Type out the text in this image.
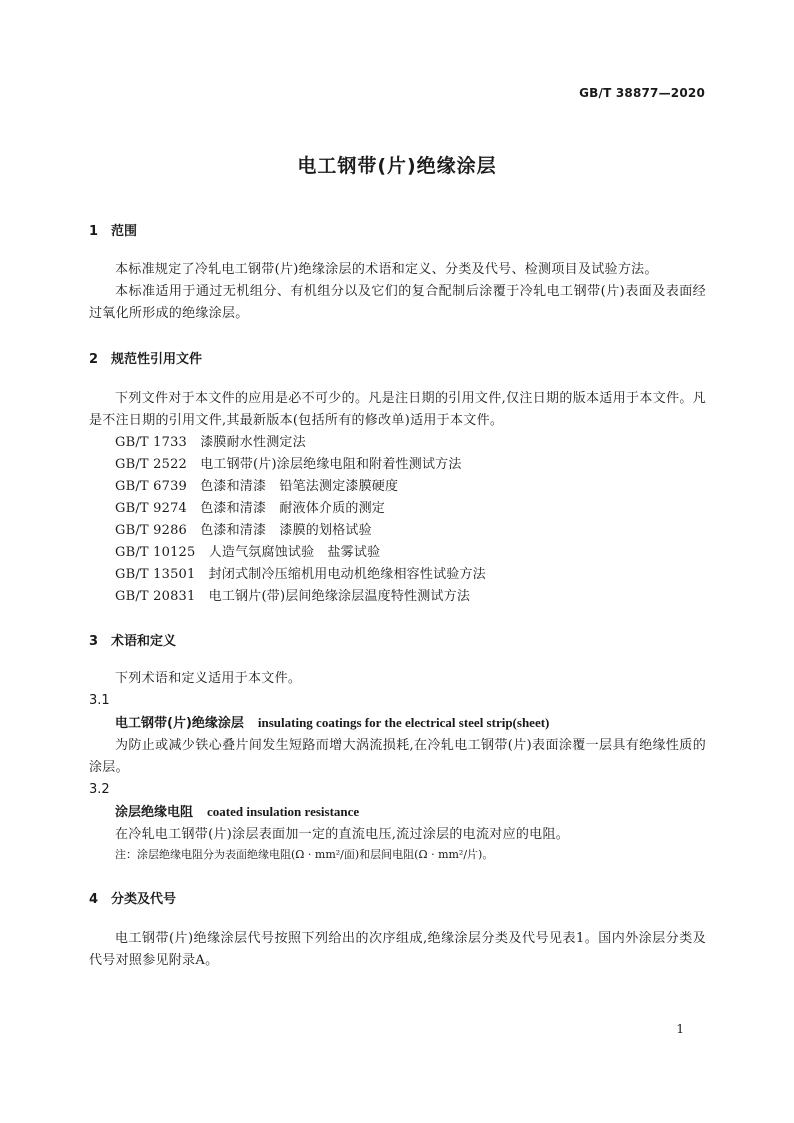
GB/T 38877—2020
电工钢带(片)绝缘涂层
1 范围

本标准规定了冷轧电工钢带(片)绝缘涂层的术语和定义、分类及代号、检测项目及试验方法。

本标准适用于通过无机组分、有机组分以及它们的复合配制后涂覆于冷轧电工钢带(片)表面及表面经过氧化所形成的绝缘涂层。

2 规范性引用文件

下列文件对于本文件的应用是必不可少的。凡是注日期的引用文件,仅注日期的版本适用于本文件。凡是不注日期的引用文件,其最新版本(包括所有的修改单)适用于本文件。

GB/T 1733　漆膜耐水性测定法

GB/T 2522　电工钢带(片)涂层绝缘电阻和附着性测试方法

GB/T 6739　色漆和清漆　铅笔法测定漆膜硬度

GB/T 9274　色漆和清漆　耐液体介质的测定

GB/T 9286　色漆和清漆　漆膜的划格试验

GB/T 10125　人造气氛腐蚀试验　盐雾试验

GB/T 13501　封闭式制冷压缩机用电动机绝缘相容性试验方法

GB/T 20831　电工钢片(带)层间绝缘涂层温度特性测试方法

3 术语和定义

下列术语和定义适用于本文件。

3.1
电工钢带(片)绝缘涂层 insulating coatings for the electrical steel strip(sheet)

为防止或减少铁心叠片间发生短路而增大涡流损耗,在冷轧电工钢带(片)表面涂覆一层具有绝缘性质的涂层。

3.2
涂层绝缘电阻 coated insulation resistance

在冷轧电工钢带(片)涂层表面加一定的直流电压,流过涂层的电流对应的电阻。

注：涂层绝缘电阻分为表面绝缘电阻(Ω · mm²/面)和层间电阻(Ω · mm²/片)。
4 分类及代号

电工钢带(片)绝缘涂层代号按照下列给出的次序组成,绝缘涂层分类及代号见表1。国内外涂层分类及代号对照参见附录A。

1
